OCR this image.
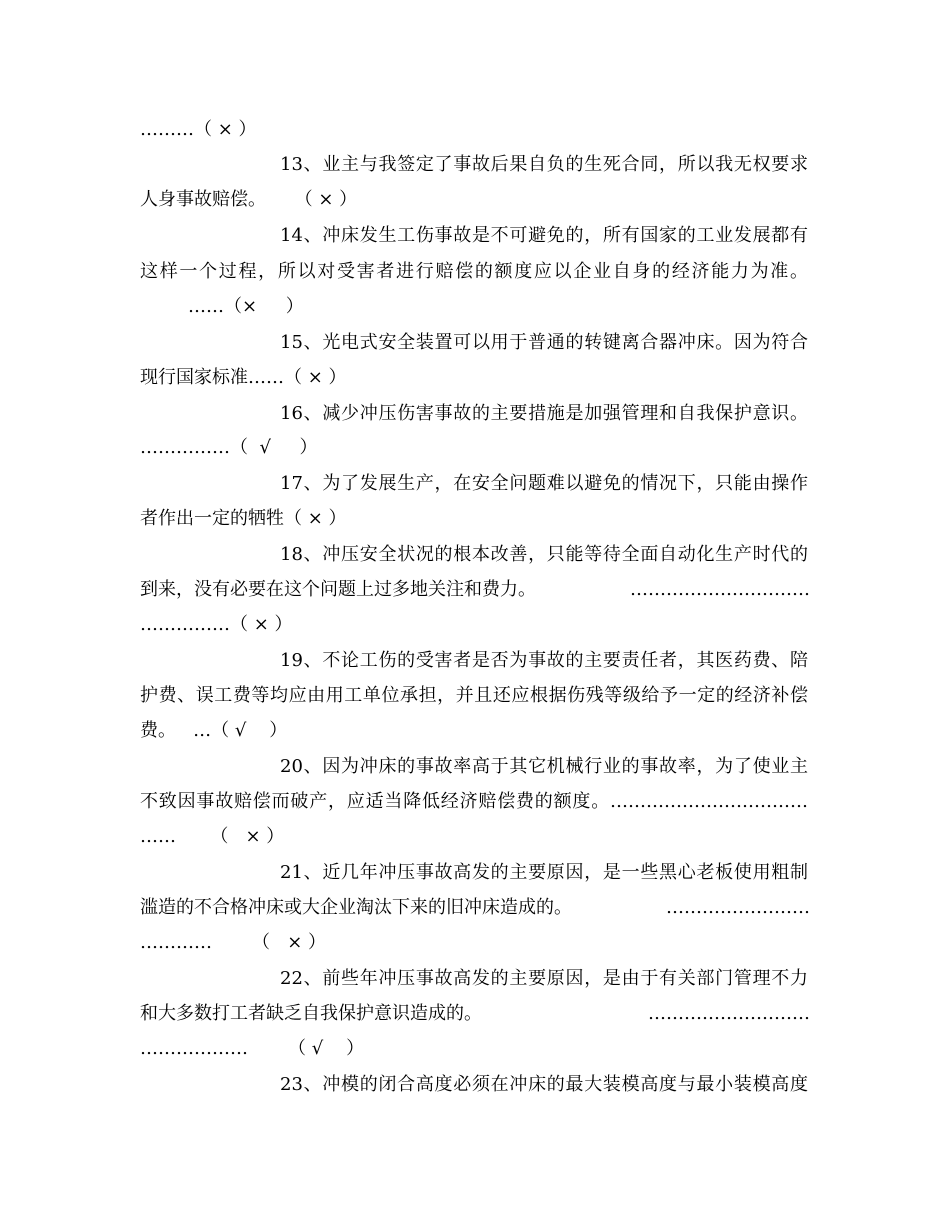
………（ × ）
13、业主与我签定了事故后果自负的生死合同，所以我无权要求
人身事故赔偿。     （ × ）
14、冲床发生工伤事故是不可避免的，所有国家的工业发展都有
这样一个过程，所以对受害者进行赔偿的额度应以企业自身的经济能力为准。
……（×     ）
15、光电式安全装置可以用于普通的转键离合器冲床。因为符合
现行国家标准……（ × ）
16、减少冲压伤害事故的主要措施是加强管理和自我保护意识。
……………（  √     ）
17、为了发展生产，在安全问题难以避免的情况下，只能由操作
者作出一定的牺牲（ × ）
18、冲压安全状况的根本改善，只能等待全面自动化生产时代的
到来，没有必要在这个问题上过多地关注和费力。	…………………………
……………（ × ）
19、不论工伤的受害者是否为事故的主要责任者，其医药费、陪
护费、误工费等均应由用工单位承担，并且还应根据伤残等级给予一定的经济补偿
费。   …（ √    ）
20、因为冲床的事故率高于其它机械行业的事故率，为了使业主
不致因事故赔偿而破产，应适当降低经济赔偿费的额度。……………………………
……      （   × ）
21、近几年冲压事故高发的主要原因，是一些黑心老板使用粗制
滥造的不合格冲床或大企业淘汰下来的旧冲床造成的。	……………………
…………       （   × ）
22、前些年冲压事故高发的主要原因，是由于有关部门管理不力
和大多数打工者缺乏自我保护意识造成的。	………………………
………………       （ √    ）
23、冲模的闭合高度必须在冲床的最大装模高度与最小装模高度
